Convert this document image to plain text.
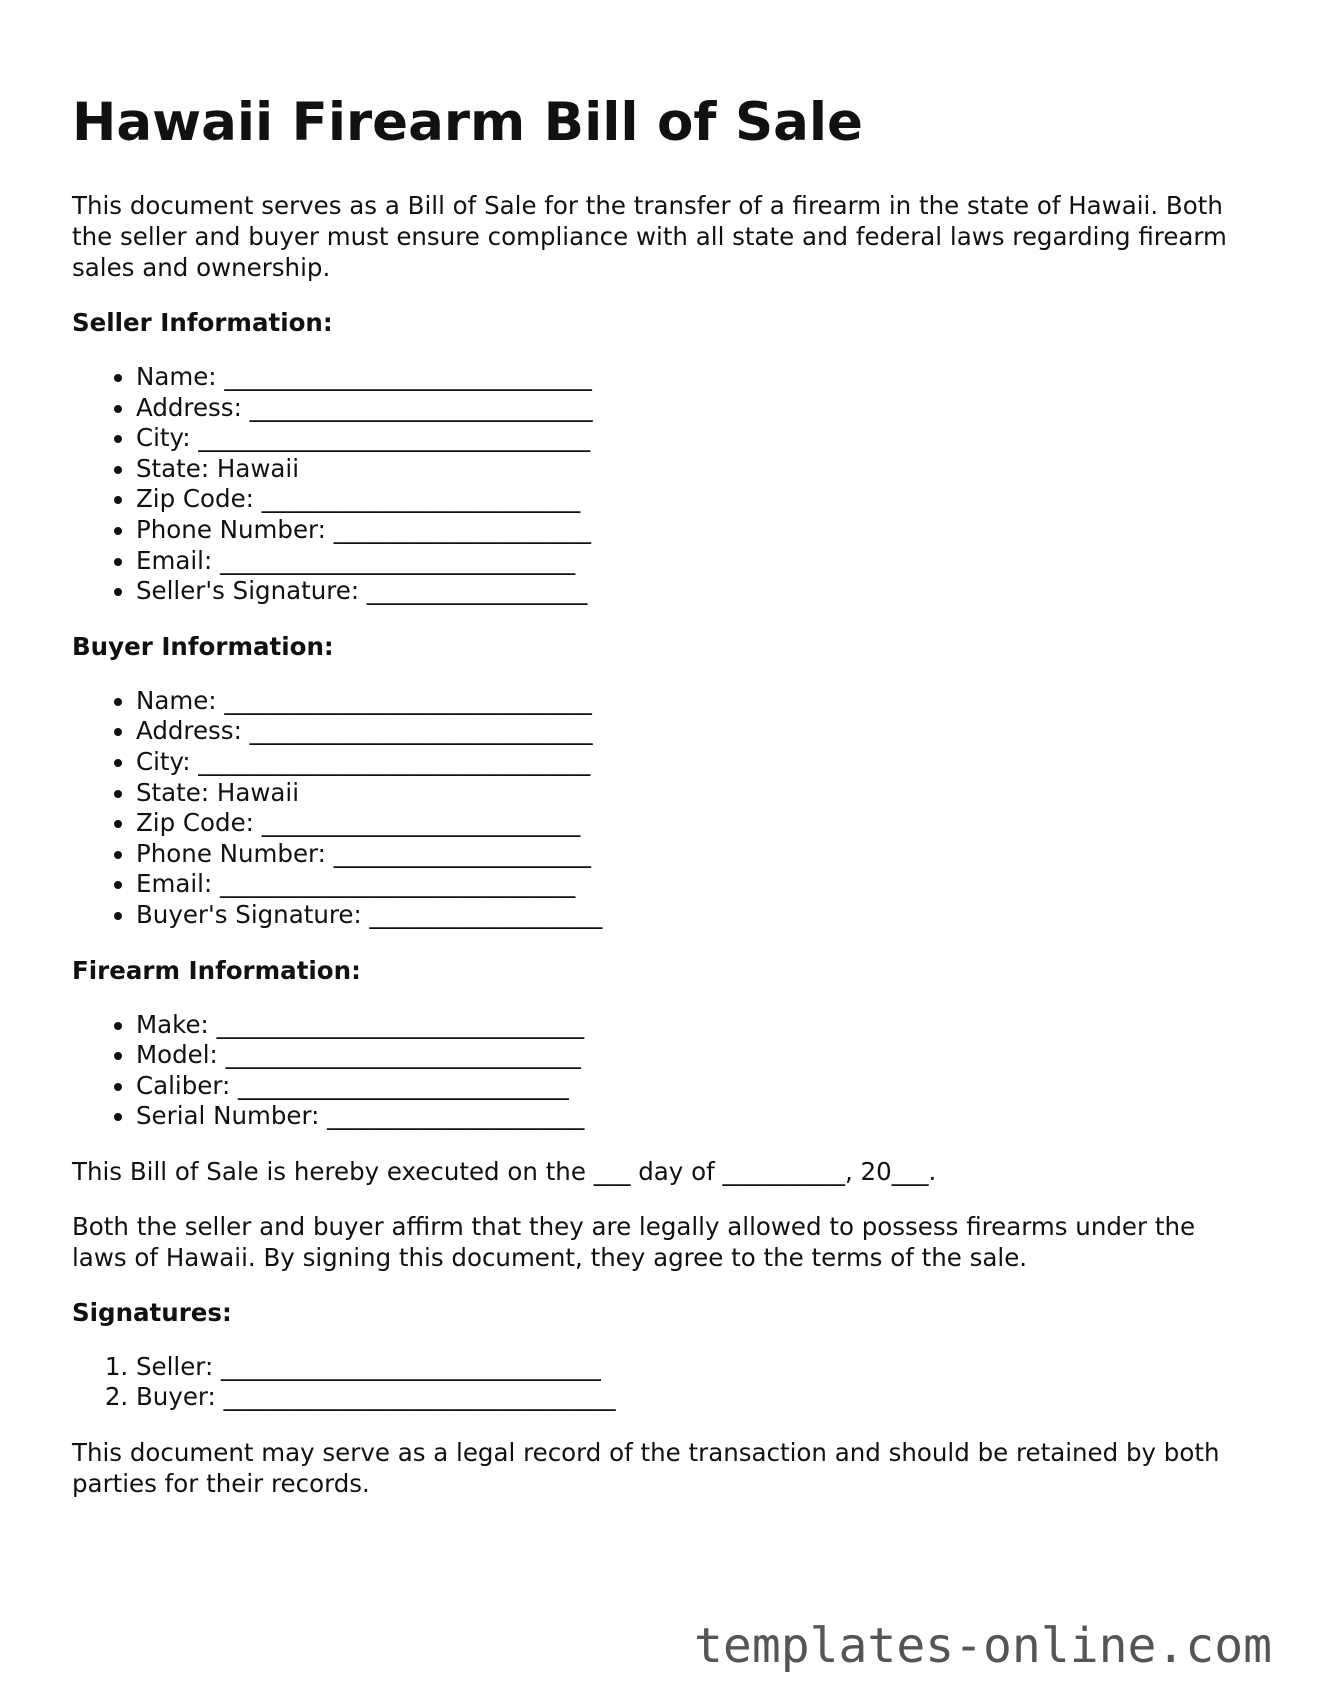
Hawaii Firearm Bill of Sale

This document serves as a Bill of Sale for the transfer of a firearm in the state of Hawaii. Both the seller and buyer must ensure compliance with all state and federal laws regarding firearm sales and ownership.

Seller Information:
• Name: ______________________________
• Address: ____________________________
• City: ________________________________
• State: Hawaii
• Zip Code: __________________________
• Phone Number: _____________________
• Email: _____________________________
• Seller's Signature: __________________
Buyer Information:
• Name: ______________________________
• Address: ____________________________
• City: ________________________________
• State: Hawaii
• Zip Code: __________________________
• Phone Number: _____________________
• Email: _____________________________
• Buyer's Signature: ___________________
Firearm Information:
• Make: ______________________________
• Model: _____________________________
• Caliber: ___________________________
• Serial Number: _____________________

This Bill of Sale is hereby executed on the ___ day of __________, 20___.

Both the seller and buyer affirm that they are legally allowed to possess firearms under the laws of Hawaii. By signing this document, they agree to the terms of the sale.

Signatures:
1. Seller: _______________________________
2. Buyer: ________________________________

This document may serve as a legal record of the transaction and should be retained by both parties for their records.

templates-online.com
